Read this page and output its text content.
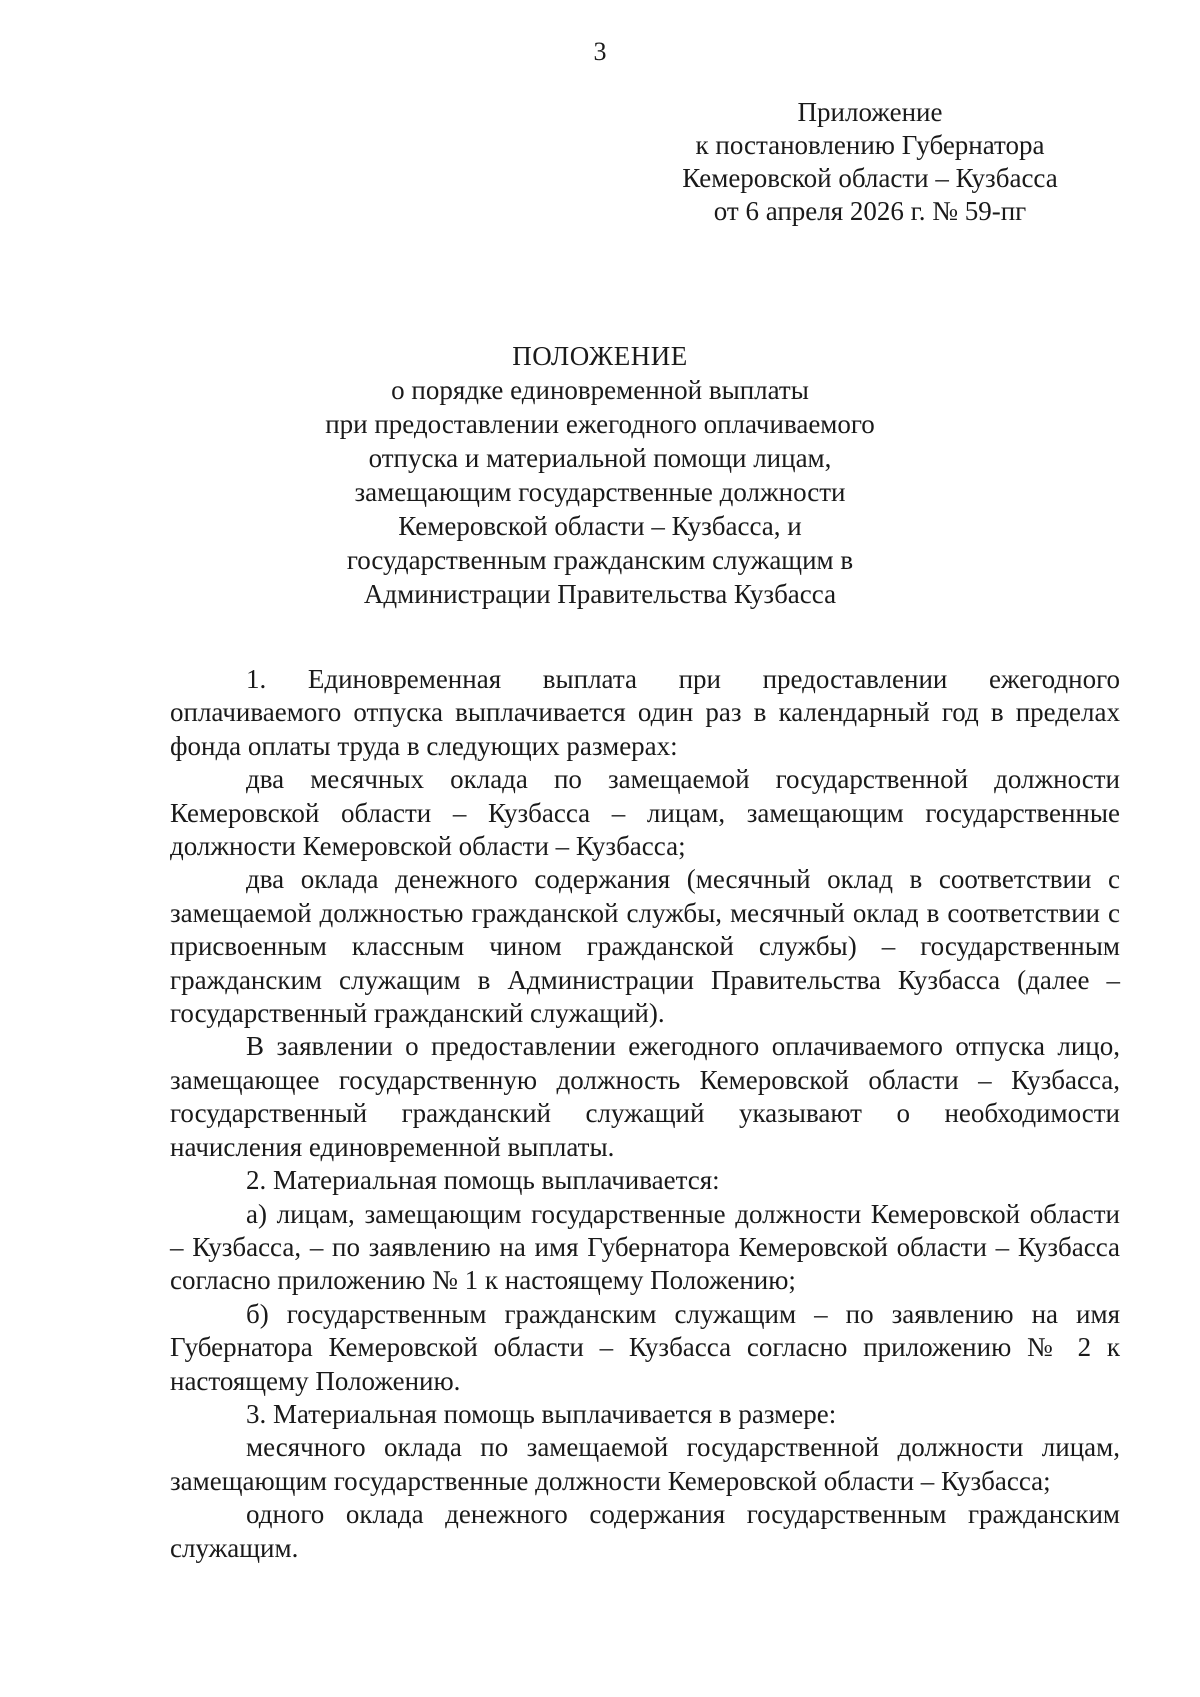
3
Приложение
к постановлению Губернатора
Кемеровской области – Кузбасса
от 6 апреля 2026 г. № 59-пг
ПОЛОЖЕНИЕ
о порядке единовременной выплаты
при предоставлении ежегодного оплачиваемого
отпуска и материальной помощи лицам,
замещающим государственные должности
Кемеровской области – Кузбасса, и
государственным гражданским служащим в
Администрации Правительства Кузбасса

1. Единовременная выплата при предоставлении ежегодного оплачиваемого отпуска выплачивается один раз в календарный год в пределах фонда оплаты труда в следующих размерах:

два месячных оклада по замещаемой государственной должности Кемеровской области – Кузбасса – лицам, замещающим государственные должности Кемеровской области – Кузбасса;

два оклада денежного содержания (месячный оклад в соответствии с замещаемой должностью гражданской службы, месячный оклад в соответствии с присвоенным классным чином гражданской службы) – государственным гражданским служащим в Администрации Правительства Кузбасса (далее – государственный гражданский служащий).

В заявлении о предоставлении ежегодного оплачиваемого отпуска лицо, замещающее государственную должность Кемеровской области – Кузбасса, государственный гражданский служащий указывают о необходимости начисления единовременной выплаты.

2. Материальная помощь выплачивается:

а) лицам, замещающим государственные должности Кемеровской области – Кузбасса, – по заявлению на имя Губернатора Кемеровской области – Кузбасса согласно приложению № 1 к настоящему Положению;

б) государственным гражданским служащим – по заявлению на имя Губернатора Кемеровской области – Кузбасса согласно приложению № 2 к настоящему Положению.

3. Материальная помощь выплачивается в размере:

месячного оклада по замещаемой государственной должности лицам, замещающим государственные должности Кемеровской области – Кузбасса;

одного оклада денежного содержания государственным гражданским служащим.
